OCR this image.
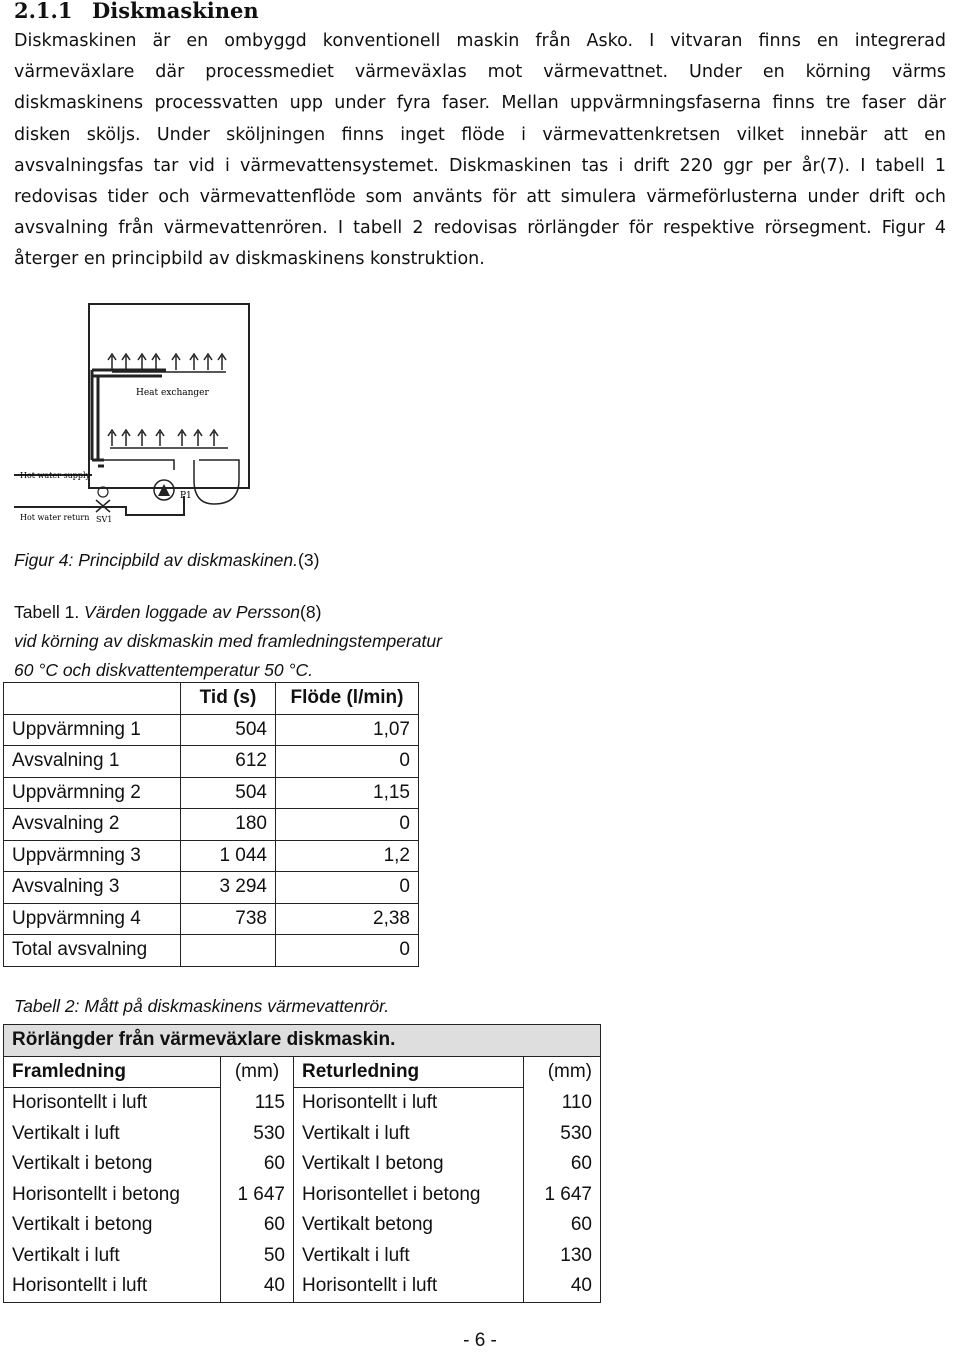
2.1.1 Diskmaskinen

Diskmaskinen är en ombyggd konventionell maskin från Asko. I vitvaran finns en integrerad
värmeväxlare där processmediet värmeväxlas mot värmevattnet. Under en körning värms
diskmaskinens processvatten upp under fyra faser. Mellan uppvärmningsfaserna finns tre faser där
disken sköljs. Under sköljningen finns inget flöde i värmevattenkretsen vilket innebär att en
avsvalningsfas tar vid i värmevattensystemet. Diskmaskinen tas i drift 220 ggr per år(7). I tabell 1
redovisas tider och värmevattenflöde som använts för att simulera värmeförlusterna under drift och
avsvalning från värmevattenrören. I tabell 2 redovisas rörlängder för respektive rörsegment. Figur 4
återger en principbild av diskmaskinens konstruktion.

Heat exchanger
P1
SV1
Hot water supply
Hot water return
Figur 4: Principbild av diskmaskinen.(3)
Tabell 1. Värden loggade av Persson(8)
vid körning av diskmaskin med framledningstemperatur
60 °C och diskvattentemperatur 50 °C.
	Tid (s)	Flöde (l/min)
Uppvärmning 1	504	1,07
Avsvalning 1	612	0
Uppvärmning 2	504	1,15
Avsvalning 2	180	0
Uppvärmning 3	1 044	1,2
Avsvalning 3	3 294	0
Uppvärmning 4	738	2,38
Total avsvalning		0
Tabell 2: Mått på diskmaskinens värmevattenrör.
Rörlängder från värmeväxlare diskmaskin.			
Framledning	(mm)	Returledning	(mm)
Horisontellt i luft	115	Horisontellt i luft	110
Vertikalt i luft	530	Vertikalt i luft	530
Vertikalt i betong	60	Vertikalt I betong	60
Horisontellt i betong	1 647	Horisontellet i betong	1 647
Vertikalt i betong	60	Vertikalt betong	60
Vertikalt i luft	50	Vertikalt i luft	130
Horisontellt i luft	40	Horisontellt i luft	40
- 6 -
